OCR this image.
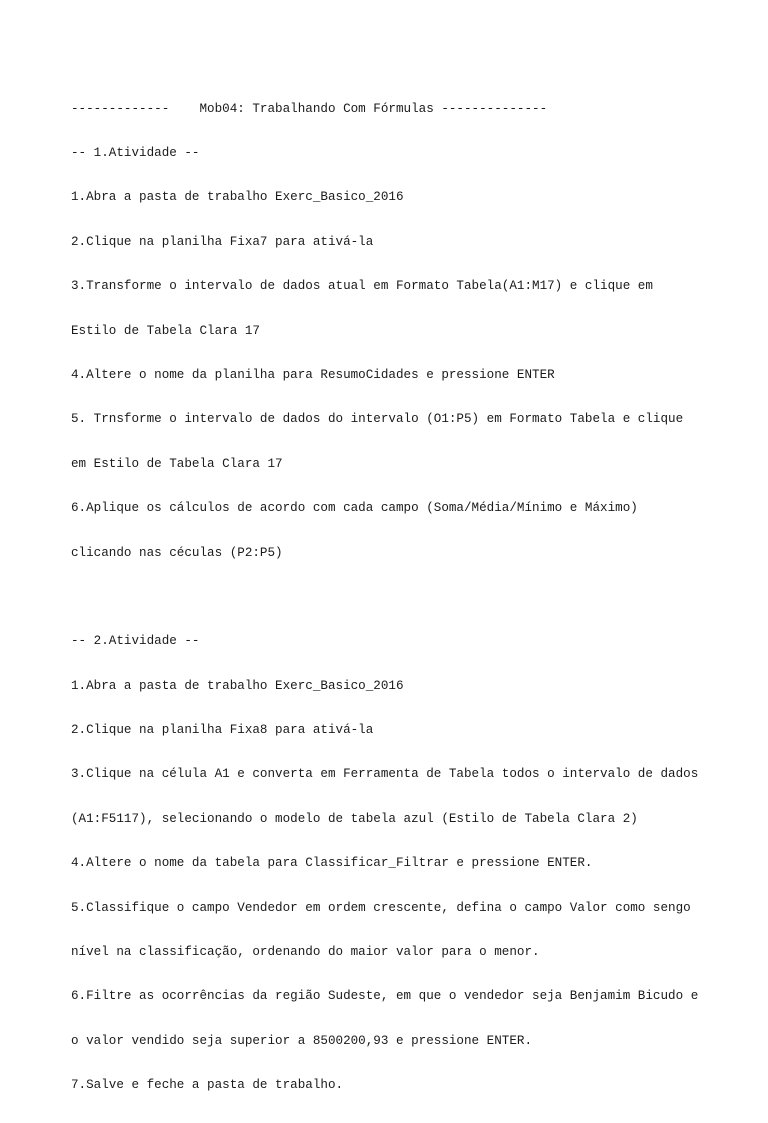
-------------    Mob04: Trabalhando Com Fórmulas --------------

-- 1.Atividade --

1.Abra a pasta de trabalho Exerc_Basico_2016

2.Clique na planilha Fixa7 para ativá-la

3.Transforme o intervalo de dados atual em Formato Tabela(A1:M17) e clique em

Estilo de Tabela Clara 17

4.Altere o nome da planilha para ResumoCidades e pressione ENTER

5. Trnsforme o intervalo de dados do intervalo (O1:P5) em Formato Tabela e clique

em Estilo de Tabela Clara 17

6.Aplique os cálculos de acordo com cada campo (Soma/Média/Mínimo e Máximo)

clicando nas céculas (P2:P5)

-- 2.Atividade --

1.Abra a pasta de trabalho Exerc_Basico_2016

2.Clique na planilha Fixa8 para ativá-la

3.Clique na célula A1 e converta em Ferramenta de Tabela todos o intervalo de dados

(A1:F5117), selecionando o modelo de tabela azul (Estilo de Tabela Clara 2)

4.Altere o nome da tabela para Classificar_Filtrar e pressione ENTER.

5.Classifique o campo Vendedor em ordem crescente, defina o campo Valor como sengo

nível na classificação, ordenando do maior valor para o menor.

6.Filtre as ocorrências da região Sudeste, em que o vendedor seja Benjamim Bicudo e

o valor vendido seja superior a 8500200,93 e pressione ENTER.

7.Salve e feche a pasta de trabalho.
